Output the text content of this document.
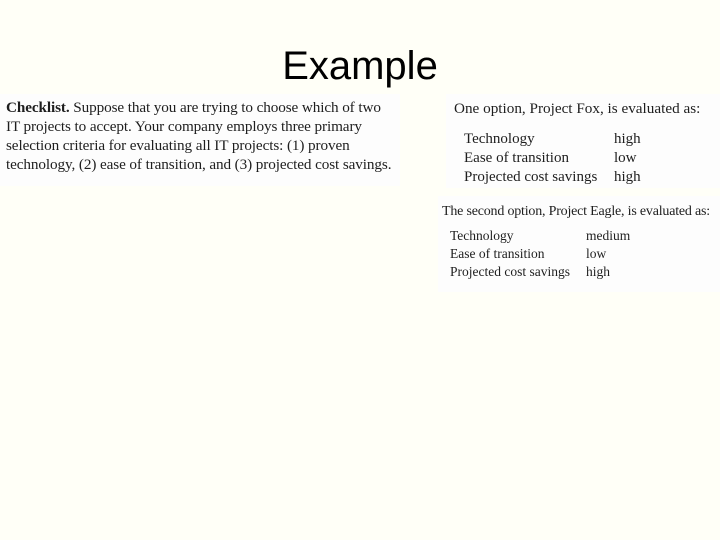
Example
Checklist. Suppose that you are trying to choose which of two IT projects to accept. Your company employs three primary selection criteria for evaluating all IT projects: (1) proven technology, (2) ease of transition, and (3) projected cost savings.
One option, Project Fox, is evaluated as:
Technology	high
Ease of transition	low
Projected cost savings	high
The second option, Project Eagle, is evaluated as:
Technology	medium
Ease of transition	low
Projected cost savings	high
